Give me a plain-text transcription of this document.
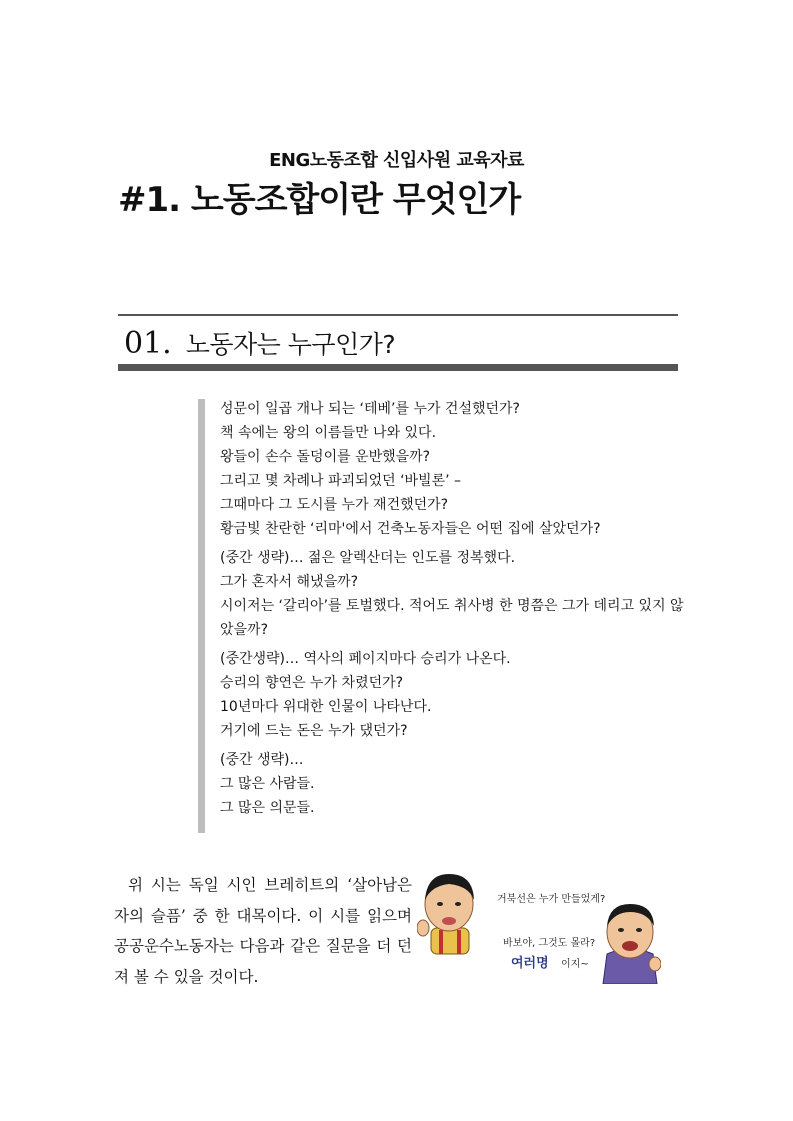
ENG노동조합 신입사원 교육자료
#1. 노동조합이란 무엇인가
01. 노동자는 누구인가?
성문이 일곱 개나 되는 ‘테베’를 누가 건설했던가?
책 속에는 왕의 이름들만 나와 있다.
왕들이 손수 돌덩이를 운반했을까?
그리고 몇 차례나 파괴되었던 ‘바빌론’ –
그때마다 그 도시를 누가 재건했던가?
황금빛 찬란한 ‘리마'에서 건축노동자들은 어떤 집에 살았던가?
(중간 생략)… 젊은 알렉산더는 인도를 정복했다.
그가 혼자서 해냈을까?
시이저는 ‘갈리아’를 토벌했다. 적어도 취사병 한 명쯤은 그가 데리고 있지 않았을까?
(중간생략)… 역사의 페이지마다 승리가 나온다.
승리의 향연은 누가 차렸던가?
10년마다 위대한 인물이 나타난다.
거기에 드는 돈은 누가 댔던가?
(중간 생략)…
그 많은 사람들.
그 많은 의문들.
위 시는 독일 시인 브레히트의 ‘살아남은 자의 슬픔’ 중 한 대목이다. 이 시를 읽으며 공공운수노동자는 다음과 같은 질문을 더 던져 볼 수 있을 것이다.
거북선은 누가 만들었게?
바보야, 그것도 몰라?
여러명 이지~
